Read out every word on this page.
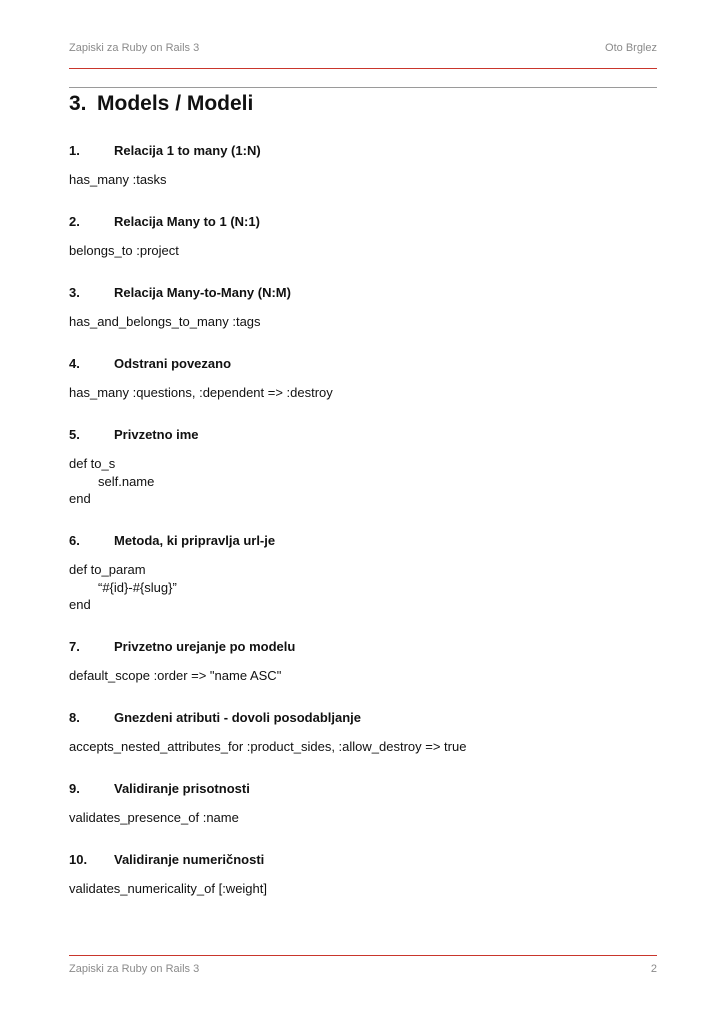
Zapiski za Ruby on Rails 3	Oto Brglez
3. Models / Modeli
1.	Relacija 1 to many (1:N)
has_many :tasks
2.	Relacija Many to 1 (N:1)
belongs_to :project
3.	Relacija Many-to-Many (N:M)
has_and_belongs_to_many :tags
4.	Odstrani povezano
has_many :questions, :dependent => :destroy
5.	Privzetno ime
def to_s
self.name
end
6.	Metoda, ki pripravlja url-je
def to_param
“#{id}-#{slug}”
end
7.	Privzetno urejanje po modelu
default_scope :order => "name ASC"
8.	Gnezdeni atributi - dovoli posodabljanje
accepts_nested_attributes_for :product_sides, :allow_destroy => true
9.	Validiranje prisotnosti
validates_presence_of :name
10.	Validiranje numeričnosti
validates_numericality_of [:weight]
Zapiski za Ruby on Rails 3	2
